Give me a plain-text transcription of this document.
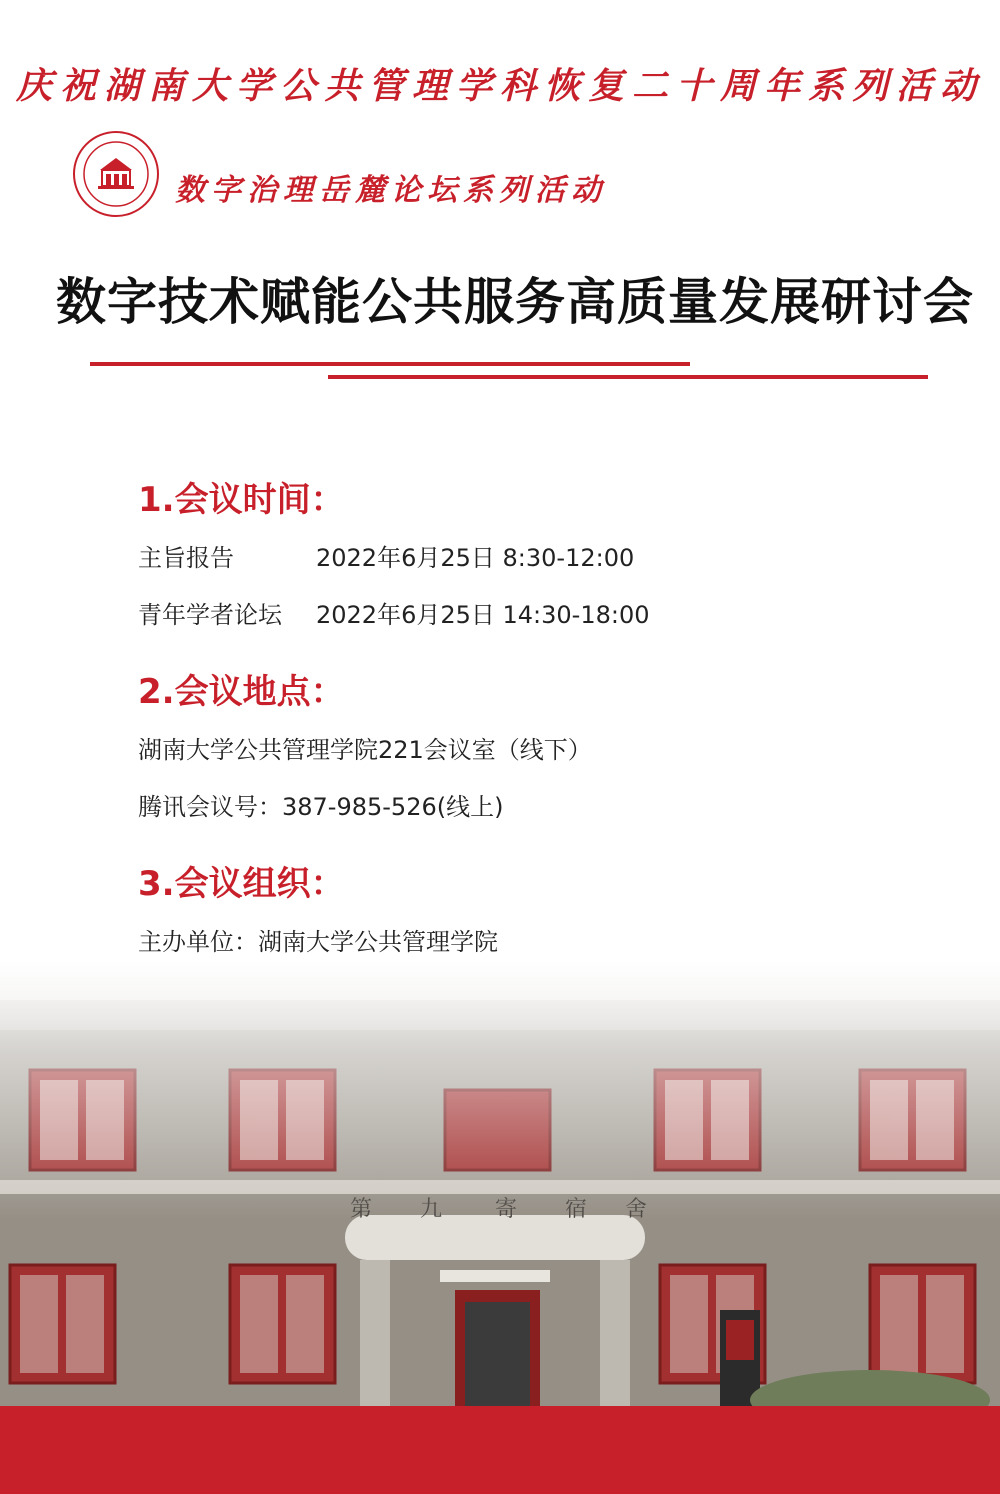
庆祝湖南大学公共管理学科恢复二十周年系列活动
数字治理岳麓论坛系列活动
数字技术赋能公共服务高质量发展研讨会
1.会议时间：
主旨报告	2022年6月25日 8:30-12:00
青年学者论坛 2022年6月25日 14:30-18:00
2.会议地点：
湖南大学公共管理学院221会议室（线下）
腾讯会议号：387-985-526(线上)
3.会议组织：
主办单位：湖南大学公共管理学院
